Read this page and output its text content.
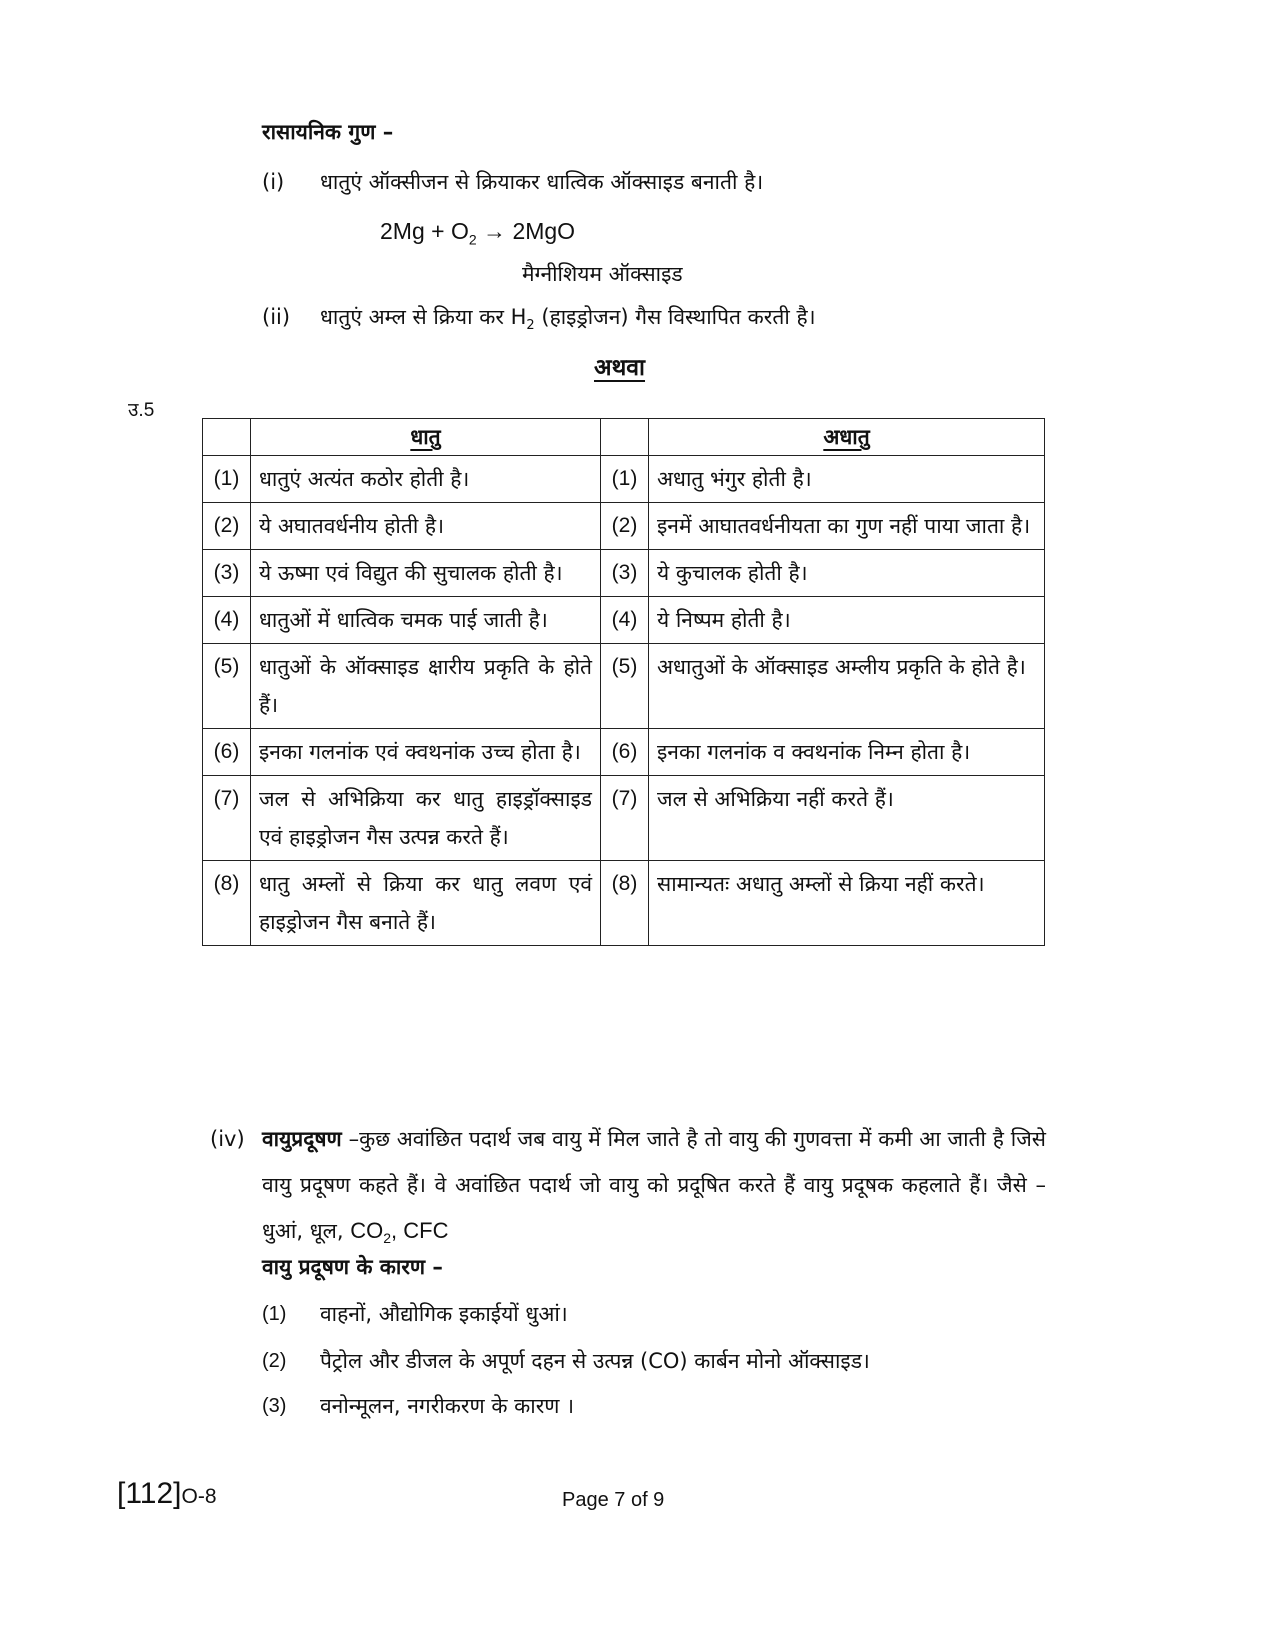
रासायनिक गुण –
(i) धातुएं ऑक्सीजन से क्रियाकर धात्विक ऑक्साइड बनाती है।
$2Mg + O_2 \to 2MgO$
मैग्नीशियम ऑक्साइड
(ii) धातुएं अम्ल से क्रिया कर $H_2$ (हाइड्रोजन) गैस विस्थापित करती है।
अथवा
उ.5
	धातु		अधातु
(1)	धातुएं अत्यंत कठोर होती है।	(1)	अधातु भंगुर होती है।
(2)	ये अघातवर्धनीय होती है।	(2)	इनमें आघातवर्धनीयता का गुण नहीं पाया जाता है।
(3)	ये ऊष्मा एवं विद्युत की सुचालक होती है।	(3)	ये कुचालक होती है।
(4)	धातुओं में धात्विक चमक पाई जाती है।	(4)	ये निष्पम होती है।
(5)	धातुओं के ऑक्साइड क्षारीय प्रकृति के होते हैं।	(5)	अधातुओं के ऑक्साइड अम्लीय प्रकृति के होते है।
(6)	इनका गलनांक एवं क्वथनांक उच्च होता है।	(6)	इनका गलनांक व क्वथनांक निम्न होता है।
(7)	जल से अभिक्रिया कर धातु हाइड्रॉक्साइड एवं हाइड्रोजन गैस उत्पन्न करते हैं।	(7)	जल से अभिक्रिया नहीं करते हैं।
(8)	धातु अम्लों से क्रिया कर धातु लवण एवं हाइड्रोजन गैस बनाते हैं।	(8)	सामान्यतः अधातु अम्लों से क्रिया नहीं करते।
(iv) वायुप्रदूषण –कुछ अवांछित पदार्थ जब वायु में मिल जाते है तो वायु की गुणवत्ता में कमी आ जाती है जिसे वायु प्रदूषण कहते हैं। वे अवांछित पदार्थ जो वायु को प्रदूषित करते हैं वायु प्रदूषक कहलाते हैं। जैसे – धुआं, धूल, $CO_2$, CFC
वायु प्रदूषण के कारण –
(1) वाहनों, औद्योगिक इकाईयों धुआं।
(2) पैट्रोल और डीजल के अपूर्ण दहन से उत्पन्न (CO) कार्बन मोनो ऑक्साइड।
(3) वनोन्मूलन, नगरीकरण के कारण ।
[112]O-8	Page 7 of 9
